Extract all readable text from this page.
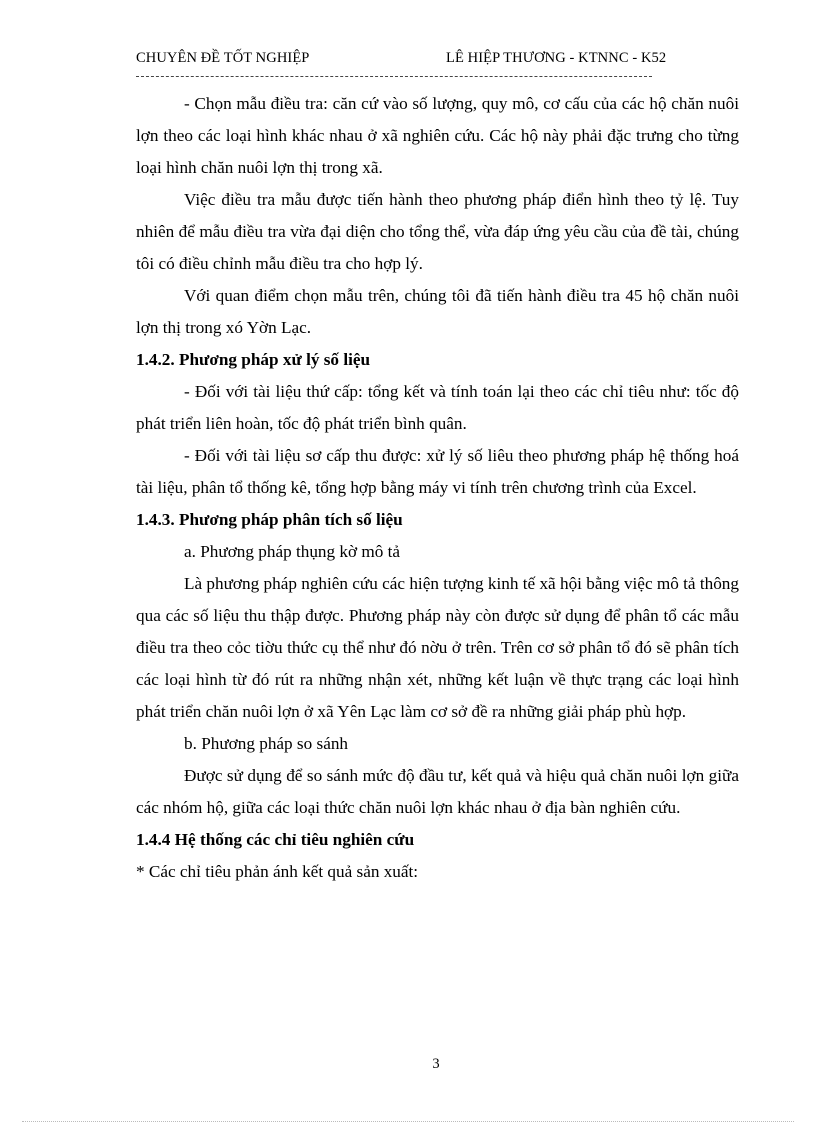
CHUYÊN ĐỀ TỐT NGHIỆP	LÊ HIỆP THƯƠNG - KTNNC - K52

- Chọn mẫu điều tra: căn cứ vào số lượng, quy mô, cơ cấu của các hộ chăn nuôi lợn theo các loại hình khác nhau ở xã nghiên cứu. Các hộ này phải đặc trưng cho từng loại hình chăn nuôi lợn thị trong xã.

Việc điều tra mẫu được tiến hành theo phương pháp điển hình theo tỷ lệ. Tuy nhiên để mẫu điều tra vừa đại diện cho tổng thể, vừa đáp ứng yêu cầu của đề tài, chúng tôi có điều chỉnh mẫu điều tra cho hợp lý.

Với quan điểm chọn mẫu trên, chúng tôi đã tiến hành điều tra 45 hộ chăn nuôi lợn thị trong xó Yờn Lạc.

1.4.2. Phương pháp xử lý số liệu

- Đối với tài liệu thứ cấp: tổng kết và tính toán lại theo các chỉ tiêu như: tốc độ phát triển liên hoàn, tốc độ phát triển bình quân.

- Đối với tài liệu sơ cấp thu được: xử lý số liêu theo phương pháp hệ thống hoá tài liệu, phân tổ thống kê, tổng hợp bằng máy vi tính trên chương trình của Excel.

1.4.3. Phương pháp phân tích số liệu

a. Phương pháp thụng kờ mô tả

Là phương pháp nghiên cứu các hiện tượng kinh tế xã hội bằng việc mô tả thông qua các số liệu thu thập được. Phương pháp này còn được sử dụng để phân tổ các mẫu điều tra theo cỏc tiờu thức cụ thể như đó nờu ở trên. Trên cơ sở phân tổ đó sẽ phân tích các loại hình từ đó rút ra những nhận xét, những kết luận về thực trạng các loại hình phát triển chăn nuôi lợn ở xã Yên Lạc làm cơ sở đề ra những giải pháp phù hợp.

b. Phương pháp so sánh

Được sử dụng để so sánh mức độ đầu tư, kết quả và hiệu quả chăn nuôi lợn giữa các nhóm hộ, giữa các loại thức chăn nuôi lợn khác nhau ở địa bàn nghiên cứu.

1.4.4 Hệ thống các chỉ tiêu nghiên cứu

* Các chỉ tiêu phản ánh kết quả sản xuất:

3
